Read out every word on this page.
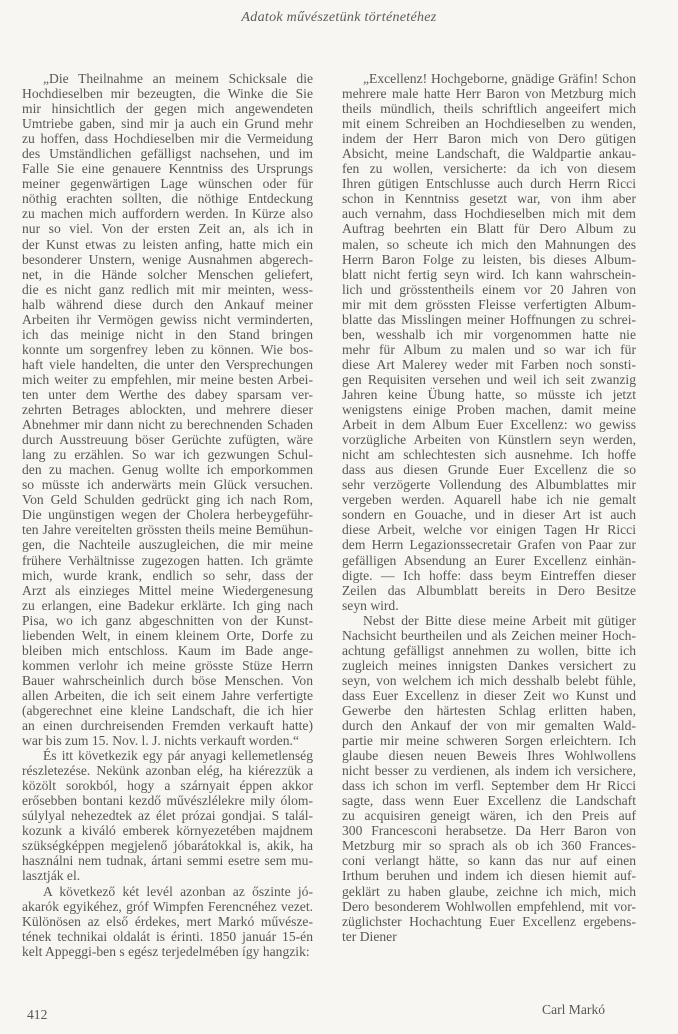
Adatok művészetünk történetéhez
„Die Theilnahme an meinem Schicksale die
Hochdieselben mir bezeugten, die Winke die Sie
mir hinsichtlich der gegen mich angewendeten
Umtriebe gaben, sind mir ja auch ein Grund mehr
zu hoffen, dass Hochdieselben mir die Vermeidung
des Umständlichen gefälligst nachsehen, und im
Falle Sie eine genauere Kenntniss des Ursprungs
meiner gegenwärtigen Lage wünschen oder für
nöthig erachten sollten, die nöthige Entdeckung
zu machen mich auffordern werden. In Kürze also
nur so viel. Von der ersten Zeit an, als ich in
der Kunst etwas zu leisten anfing, hatte mich ein
besonderer Unstern, wenige Ausnahmen abgerech-
net, in die Hände solcher Menschen geliefert,
die es nicht ganz redlich mit mir meinten, wess-
halb während diese durch den Ankauf meiner
Arbeiten ihr Vermögen gewiss nicht verminderten,
ich das meinige nicht in den Stand bringen
konnte um sorgenfrey leben zu können. Wie bos-
haft viele handelten, die unter den Versprechungen
mich weiter zu empfehlen, mir meine besten Arbei-
ten unter dem Werthe des dabey sparsam ver-
zehrten Betrages ablockten, und mehrere dieser
Abnehmer mir dann nicht zu berechnenden Schaden
durch Ausstreuung böser Gerüchte zufügten, wäre
lang zu erzählen. So war ich gezwungen Schul-
den zu machen. Genug wollte ich emporkommen
so müsste ich anderwärts mein Glück versuchen.
Von Geld Schulden gedrückt ging ich nach Rom,
Die ungünstigen wegen der Cholera herbeygeführ-
ten Jahre vereitelten grössten theils meine Bemühun-
gen, die Nachteile auszugleichen, die mir meine
frühere Verhältnisse zugezogen hatten. Ich grämte
mich, wurde krank, endlich so sehr, dass der
Arzt als einzieges Mittel meine Wiedergenesung
zu erlangen, eine Badekur erklärte. Ich ging nach
Pisa, wo ich ganz abgeschnitten von der Kunst-
liebenden Welt, in einem kleinem Orte, Dorfe zu
bleiben mich entschloss. Kaum im Bade ange-
kommen verlohr ich meine grösste Stüze Herrn
Bauer wahrscheinlich durch böse Menschen. Von
allen Arbeiten, die ich seit einem Jahre verfertigte
(abgerechnet eine kleine Landschaft, die ich hier
an einen durchreisenden Fremden verkauft hatte)
war bis zum 15. Nov. l. J. nichts verkauft worden.“
És itt következik egy pár anyagi kellemetlenség
részletezése. Nekünk azonban elég, ha kiérezzük a
közölt sorokból, hogy a szárnyait éppen akkor
erősebben bontani kezdő művészlélekre mily ólom-
súlylyal nehezedtek az élet prózai gondjai. S talál-
kozunk a kiváló emberek környezetében majdnem
szükségképpen megjelenő jóbarátokkal is, akik, ha
használni nem tudnak, ártani semmi esetre sem mu-
lasztják el.
A következő két levél azonban az őszinte jó-
akarók egyikéhez, gróf Wimpfen Ferencnéhez vezet.
Különösen az első érdekes, mert Markó művésze-
tének technikai oldalát is érinti. 1850 január 15-én
kelt Appeggi-ben s egész terjedelmében így hangzik:
„Excellenz! Hochgeborne, gnädige Gräfin! Schon
mehrere male hatte Herr Baron von Metzburg mich
theils mündlich, theils schriftlich angeeifert mich
mit einem Schreiben an Hochdieselben zu wenden,
indem der Herr Baron mich von Dero gütigen
Absicht, meine Landschaft, die Waldpartie ankau-
fen zu wollen, versicherte: da ich von diesem
Ihren gütigen Entschlusse auch durch Herrn Ricci
schon in Kenntniss gesetzt war, von ihm aber
auch vernahm, dass Hochdieselben mich mit dem
Auftrag beehrten ein Blatt für Dero Album zu
malen, so scheute ich mich den Mahnungen des
Herrn Baron Folge zu leisten, bis dieses Album-
blatt nicht fertig seyn wird. Ich kann wahrschein-
lich und grösstentheils einem vor 20 Jahren von
mir mit dem grössten Fleisse verfertigten Album-
blatte das Misslingen meiner Hoffnungen zu schrei-
ben, wesshalb ich mir vorgenommen hatte nie
mehr für Album zu malen und so war ich für
diese Art Malerey weder mit Farben noch sonsti-
gen Requisiten versehen und weil ich seit zwanzig
Jahren keine Übung hatte, so müsste ich jetzt
wenigstens einige Proben machen, damit meine
Arbeit in dem Album Euer Excellenz: wo gewiss
vorzügliche Arbeiten von Künstlern seyn werden,
nicht am schlechtesten sich ausnehme. Ich hoffe
dass aus diesen Grunde Euer Excellenz die so
sehr verzögerte Vollendung des Albumblattes mir
vergeben werden. Aquarell habe ich nie gemalt
sondern en Gouache, und in dieser Art ist auch
diese Arbeit, welche vor einigen Tagen Hr Ricci
dem Herrn Legazionssecretair Grafen von Paar zur
gefälligen Absendung an Eurer Excellenz einhän-
digte. — Ich hoffe: dass beym Eintreffen dieser
Zeilen das Albumblatt bereits in Dero Besitze
seyn wird.
Nebst der Bitte diese meine Arbeit mit gütiger
Nachsicht beurtheilen und als Zeichen meiner Hoch-
achtung gefälligst annehmen zu wollen, bitte ich
zugleich meines innigsten Dankes versichert zu
seyn, von welchem ich mich desshalb belebt fühle,
dass Euer Excellenz in dieser Zeit wo Kunst und
Gewerbe den härtesten Schlag erlitten haben,
durch den Ankauf der von mir gemalten Wald-
partie mir meine schweren Sorgen erleichtern. Ich
glaube diesen neuen Beweis Ihres Wohlwollens
nicht besser zu verdienen, als indem ich versichere,
dass ich schon im verfl. September dem Hr Ricci
sagte, dass wenn Euer Excellenz die Landschaft
zu acquisiren geneigt wären, ich den Preis auf
300 Francesconi herabsetze. Da Herr Baron von
Metzburg mir so sprach als ob ich 360 Frances-
coni verlangt hätte, so kann das nur auf einen
Irthum beruhen und indem ich diesen hiemit auf-
geklärt zu haben glaube, zeichne ich mich, mich
Dero besonderem Wohlwollen empfehlend, mit vor-
züglichster Hochachtung Euer Excellenz ergebens-
ter Diener
Carl Markó
412
